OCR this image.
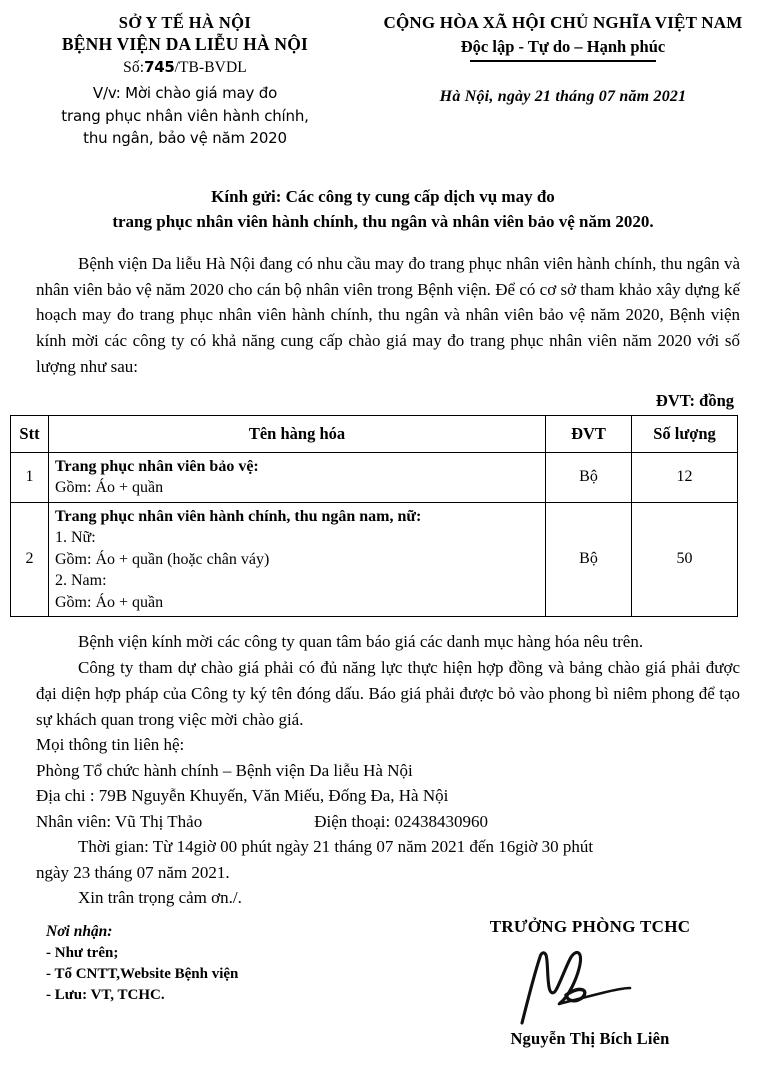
SỞ Y TẾ HÀ NỘI
BỆNH VIỆN DA LIỄU HÀ NỘI
Số:745/TB-BVDL
V/v: Mời chào giá may đo
trang phục nhân viên hành chính,
thu ngân, bảo vệ năm 2020
CỘNG HÒA XÃ HỘI CHỦ NGHĨA VIỆT NAM
Độc lập - Tự do – Hạnh phúc
Hà Nội, ngày 21 tháng 07 năm 2021
Kính gửi: Các công ty cung cấp dịch vụ may đo
trang phục nhân viên hành chính, thu ngân và nhân viên bảo vệ năm 2020.

Bệnh viện Da liễu Hà Nội đang có nhu cầu may đo trang phục nhân viên hành chính, thu ngân và nhân viên bảo vệ năm 2020 cho cán bộ nhân viên trong Bệnh viện. Để có cơ sở tham khảo xây dựng kế hoạch may đo trang phục nhân viên hành chính, thu ngân và nhân viên bảo vệ năm 2020, Bệnh viện kính mời các công ty có khả năng cung cấp chào giá may đo trang phục nhân viên năm 2020 với số lượng như sau:

ĐVT: đồng
Stt	Tên hàng hóa	ĐVT	Số lượng
1	Trang phục nhân viên bảo vệ:
Gồm: Áo + quần	Bộ	12
2	Trang phục nhân viên hành chính, thu ngân nam, nữ:
1. Nữ:
Gồm: Áo + quần (hoặc chân váy)
2. Nam:
Gồm: Áo + quần	Bộ	50

Bệnh viện kính mời các công ty quan tâm báo giá các danh mục hàng hóa nêu trên.

Công ty tham dự chào giá phải có đủ năng lực thực hiện hợp đồng và bảng chào giá phải được đại diện hợp pháp của Công ty ký tên đóng dấu. Báo giá phải được bỏ vào phong bì niêm phong để tạo sự khách quan trong việc mời chào giá.

Mọi thông tin liên hệ:
Phòng Tổ chức hành chính – Bệnh viện Da liễu Hà Nội
Địa chi : 79B Nguyễn Khuyến, Văn Miếu, Đống Đa, Hà Nội
Nhân viên: Vũ Thị Thảo	Điện thoại: 02438430960
Thời gian: Từ 14giờ 00 phút ngày 21 tháng 07 năm 2021 đến 16giờ 30 phút
ngày 23 tháng 07 năm 2021.
Xin trân trọng cảm ơn./.
Nơi nhận:
- Như trên;
- Tổ CNTT,Website Bệnh viện
- Lưu: VT, TCHC.
TRƯỞNG PHÒNG TCHC
Nguyễn Thị Bích Liên
